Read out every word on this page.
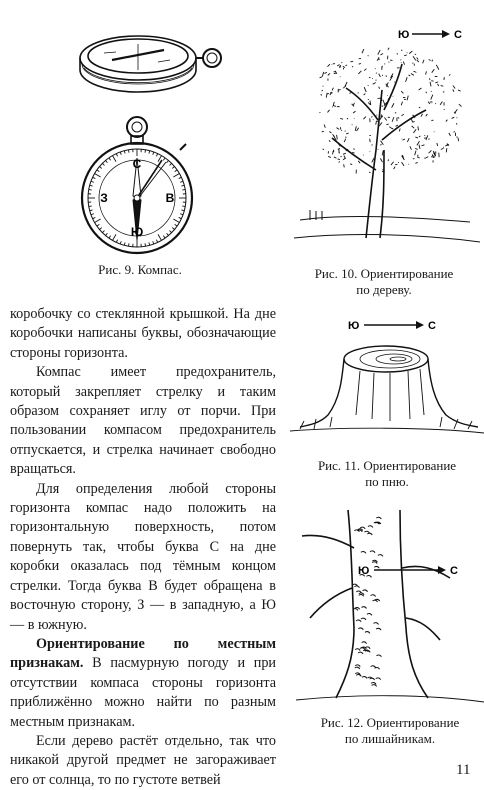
С
Ю
З	В
Рис. 9. Компас.
Ю	С
Рис. 10. Ориентирование
по дереву.
Ю	С
Рис. 11. Ориентирование
по пню.
Ю	С
Рис. 12. Ориентирование
по лишайникам.

коробочку со стеклянной крышкой. На дне коробочки написаны буквы, обозначающие стороны горизонта.

Компас имеет предохранитель, который закрепляет стрелку и таким образом сохраняет иглу от порчи. При пользовании компасом предохранитель отпускается, и стрелка начинает свободно вращаться.

Для определения любой стороны горизонта компас надо положить на горизонтальную поверхность, потом повернуть так, чтобы буква С на дне коробки оказалась под тёмным концом стрелки. Тогда буква В будет обращена в восточную сторону, З — в западную, а Ю — в южную.

Ориентирование по местным признакам. В пасмурную погоду и при отсутствии компаса стороны горизонта приближённо можно найти по разным местным признакам.

Если дерево растёт отдельно, так что никакой другой предмет не загораживает его от солнца, то по густоте ветвей

11
